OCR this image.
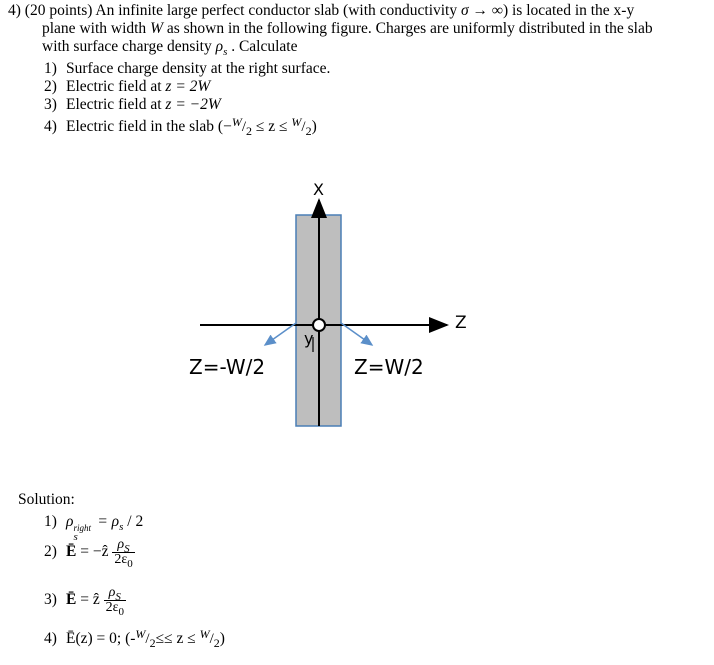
4) (20 points) An infinite large perfect conductor slab (with conductivity σ → ∞) is located in the x-y
plane with width W as shown in the following figure. Charges are uniformly distributed in the slab
with surface charge density $\rho_s$ . Calculate
1) Surface charge density at the right surface.
2) Electric field at z = 2W
3) Electric field at z = −2W
4) Electric field in the slab $(-^W/_2 \le z \le ^W/_2)$
X
Z
y
Z=-W/2	Z=W/2
Solution:
1) ρ right
s
= $\rho_s / 2$
2) Ē = −ẑ $\frac{\rho_S}{2\varepsilon_0}$
3) Ē = ẑ $\frac{\rho_S}{2\varepsilon_0}$
4) Ē(z) = 0; $(-^W/_2\le\le z \le ^W/_2)$
